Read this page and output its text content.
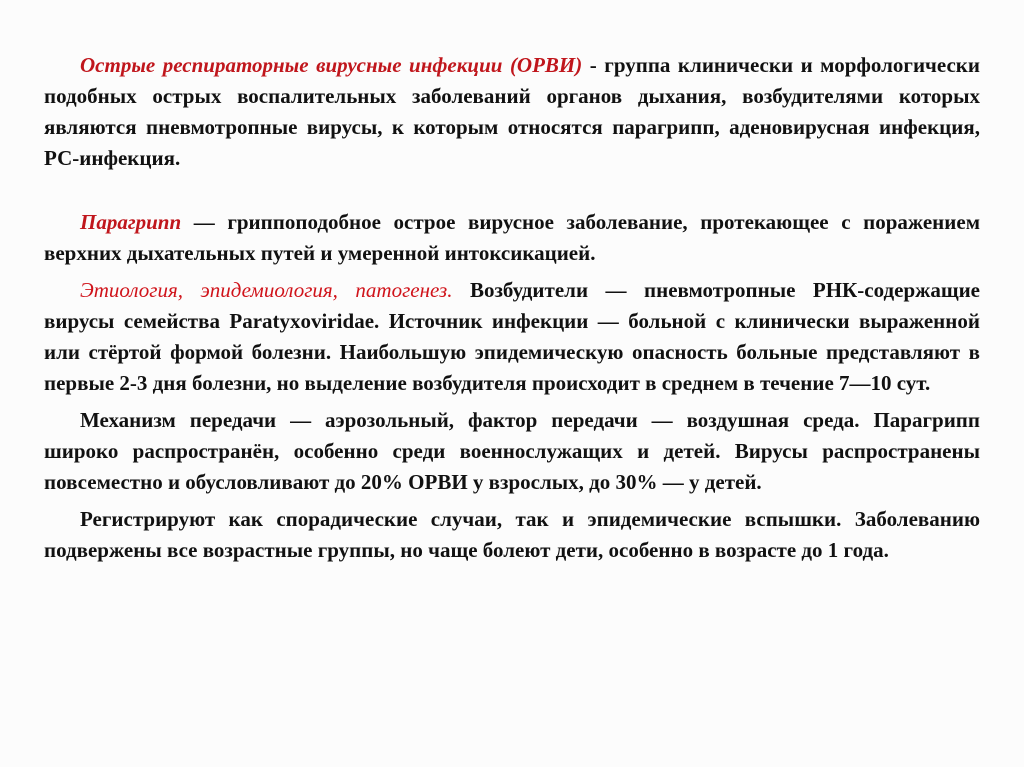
Острые респираторные вирусные инфекции (ОРВИ) - группа клинически и морфологически подобных острых воспалительных заболеваний органов дыхания, возбудителями которых являются пневмотропные вирусы, к которым относятся парагрипп, аденовирусная инфекция, РС-инфекция.

Парагрипп — гриппоподобное острое вирусное заболевание, протекающее с поражением верхних дыхательных путей и умеренной интоксикацией.

Этиология, эпидемиология, патогенез. Возбудители — пневмотропные РНК-содержащие вирусы семейства Paratyxoviridae. Источник инфекции — больной с клинически выраженной или стёртой формой болезни. Наибольшую эпидемическую опасность больные представляют в первые 2-3 дня болезни, но выделение возбудителя происходит в среднем в течение 7—10 сут.

Механизм передачи — аэрозольный, фактор передачи — воздушная среда. Парагрипп широко распространён, особенно среди военнослужащих и детей. Вирусы распространены повсеместно и обусловливают до 20% ОРВИ у взрослых, до 30% — у детей.

Регистрируют как спорадические случаи, так и эпидемические вспышки. Заболеванию подвержены все возрастные группы, но чаще болеют дети, особенно в возрасте до 1 года.
